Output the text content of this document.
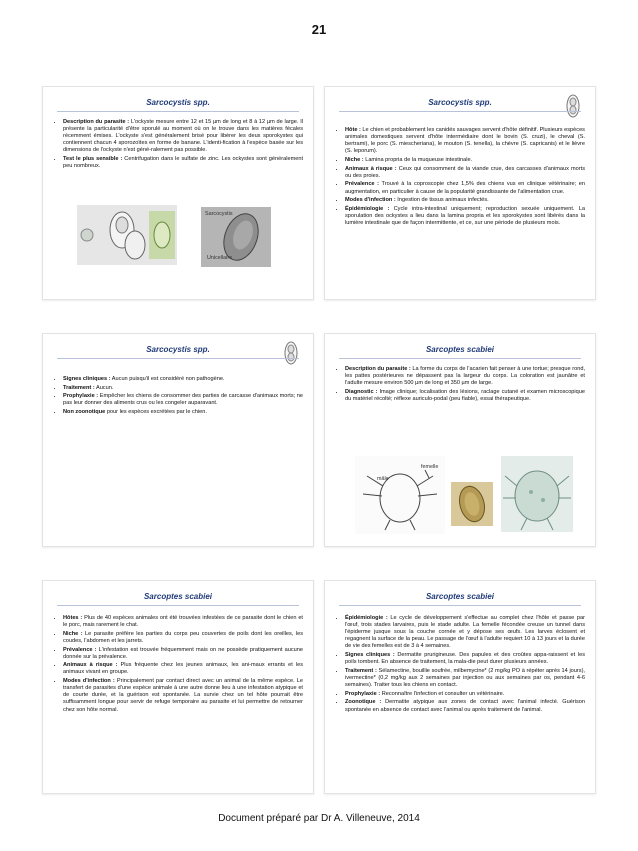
21
Sarcocystis spp.
• Description du parasite : L'ockyste mesure entre 12 et 15 µm de long et 8 à 12 µm de large. Il présente la particularité d'être sporulé au moment où on le trouve dans les matières fécales récemment émises. L'ockyste s'est généralement brisé pour libérer les deux sporokystes qui contiennent chacun 4 sporozoïtes en forme de banane. L'identi-fication à l'espèce basée sur les dimensions de l'ockyste n'est géné-ralement pas possible.
• Test le plus sensible : Centrifugation dans le sulfate de zinc. Les ockystes sont généralement peu nombreux.
Sarcocystis
Unicellaire
Sarcocystis spp.
• Hôte : Le chien et probablement les canidés sauvages servent d'hôte définitif. Plusieurs espèces animales domestiques servent d'hôte intermédiaire dont le bovin (S. cruzi), le cheval (S. bertrami), le porc (S. miescheriana), le mouton (S. tenella), la chèvre (S. capricanis) et le lièvre (S. leporum).
• Niche : Lamina propria de la muqueuse intestinale.
• Animaux à risque : Ceux qui consomment de la viande crue, des carcasses d'animaux morts ou des proies.
• Prévalence : Trouvé à la coproscopie chez 1,5% des chiens vus en clinique vétérinaire; en augmentation, en particulier à cause de la popularité grandissante de l'alimentation crue.
• Modes d'infection : Ingestion de tissus animaux infectés.
• Épidémiologie : Cycle intra-intestinal uniquement; reproduction sexuée uniquement. La sporulation des ockystes a lieu dans la lamina propria et les sporokystes sont libérés dans la lumière intestinale que de façon intermittente, et ce, sur une période de plusieurs mois.
Sarcocystis spp.
• Signes cliniques : Aucun puisqu'il est considéré non pathogène.
• Traitement : Aucun.
• Prophylaxie : Empêcher les chiens de consommer des parties de carcasse d'animaux morts; ne pas leur donner des aliments crus ou les congeler auparavant.
• Non zoonotique pour les espèces excrétées par le chien.
Sarcoptes scabiei
• Description du parasite : La forme du corps de l'acarien fait penser à une tortue; presque rond, les pattes postérieures ne dépassent pas la largeur du corps. La coloration est jaunâtre et l'adulte mesure environ 500 µm de long et 350 µm de large.
• Diagnostic : Image clinique; localisation des lésions, raclage cutané et examen microscopique du matériel récolté; réflexe auriculo-podal (peu fiable), essai thérapeutique.
femelle
mâle
Sarcoptes scabiei
• Hôtes : Plus de 40 espèces animales ont été trouvées infestées de ce parasite dont le chien et le porc, mais rarement le chat.
• Niche : Le parasite préfère les parties du corps peu couvertes de poils dont les oreilles, les coudes, l'abdomen et les jarrets.
• Prévalence : L'infestation est trouvée fréquemment mais on ne possède pratiquement aucune donnée sur la prévalence.
• Animaux à risque : Plus fréquente chez les jeunes animaux, les ani-maux errants et les animaux vivant en groupe.
• Modes d'infection : Principalement par contact direct avec un animal de la même espèce. Le transfert de parasites d'une espèce animale à une autre donne lieu à une infestation atypique et de courte durée, et la guérison est spontanée. La survie chez un tel hôte pourrait être suffisamment longue pour servir de refuge temporaire au parasite et lui permettre de retourner chez son hôte normal.
Sarcoptes scabiei
• Épidémiologie : Le cycle de développement s'effectue au complet chez l'hôte et passe par l'œuf, trois stades larvaires, puis le stade adulte. La femelle fécondée creuse un tunnel dans l'épiderme jusque sous la couche cornée et y dépose ses œufs. Les larves éclosent et regagnent la surface de la peau. Le passage de l'œuf à l'adulte requiert 10 à 13 jours et la durée de vie des femelles est de 3 à 4 semaines.
• Signes cliniques : Dermatite prurigineuse. Des papules et des croûtes appa-raissent et les poils tombent. En absence de traitement, la mala-die peut durer plusieurs années.
• Traitement : Sélamectine, bouillie soufrée, milbemycine* (2 mg/kg PO à répéter après 14 jours), ivermectine* (0,2 mg/kg aux 2 semaines par injection ou aux semaines par os, pendant 4-6 semaines). Traiter tous les chiens en contact.
• Prophylaxie : Reconnaître l'infection et consulter un vétérinaire.
• Zoonotique : Dermatite atypique aux zones de contact avec l'animal infecté. Guérison spontanée en absence de contact avec l'animal ou après traitement de l'animal.
Document préparé par Dr A. Villeneuve, 2014
